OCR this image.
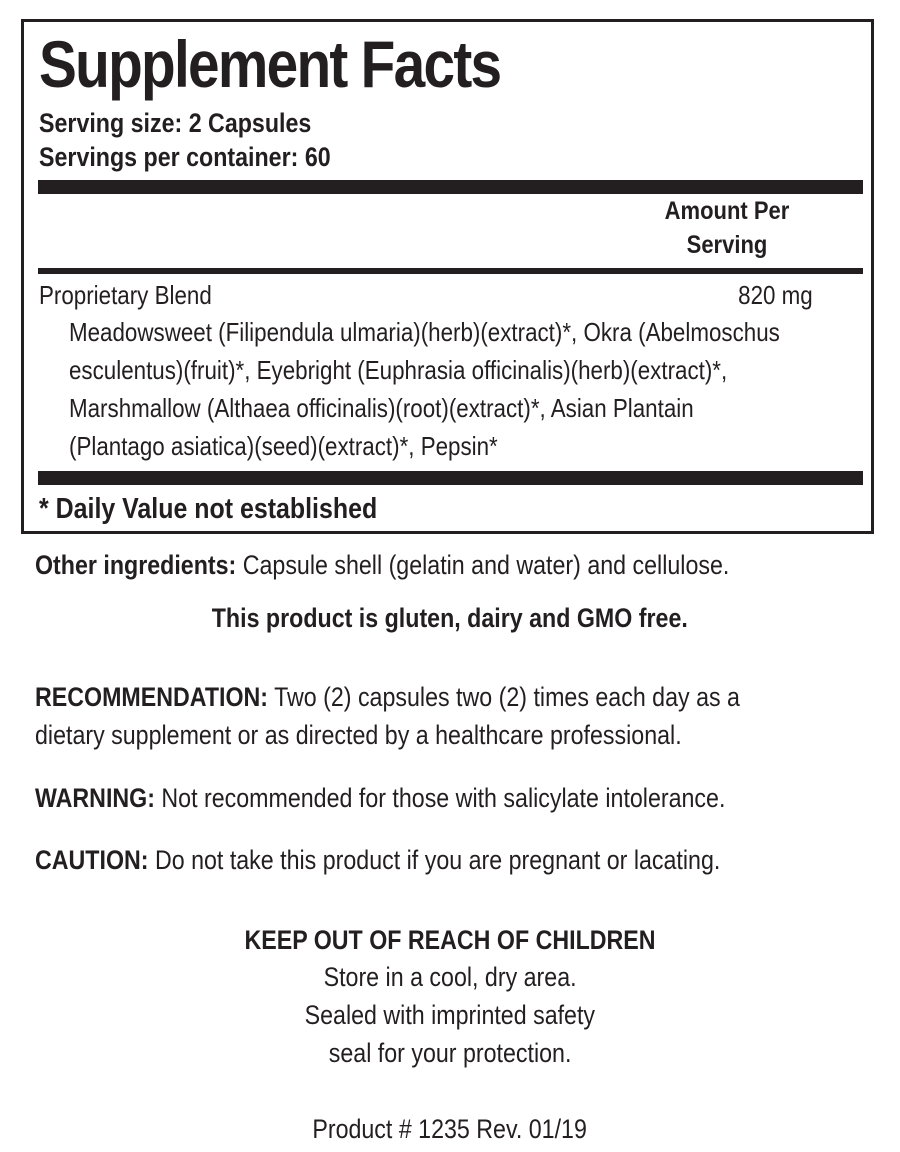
Supplement Facts
Serving size: 2 Capsules
Servings per container: 60
Amount Per
Serving
Proprietary Blend	820 mg
Meadowsweet (Filipendula ulmaria)(herb)(extract)*, Okra (Abelmoschus
esculentus)(fruit)*, Eyebright (Euphrasia officinalis)(herb)(extract)*,
Marshmallow (Althaea officinalis)(root)(extract)*, Asian Plantain
(Plantago asiatica)(seed)(extract)*, Pepsin*
* Daily Value not established
Other ingredients: Capsule shell (gelatin and water) and cellulose.
This product is gluten, dairy and GMO free.
RECOMMENDATION: Two (2) capsules two (2) times each day as a
dietary supplement or as directed by a healthcare professional.
WARNING: Not recommended for those with salicylate intolerance.
CAUTION: Do not take this product if you are pregnant or lacating.
KEEP OUT OF REACH OF CHILDREN
Store in a cool, dry area.
Sealed with imprinted safety
seal for your protection.
Product # 1235 Rev. 01/19
